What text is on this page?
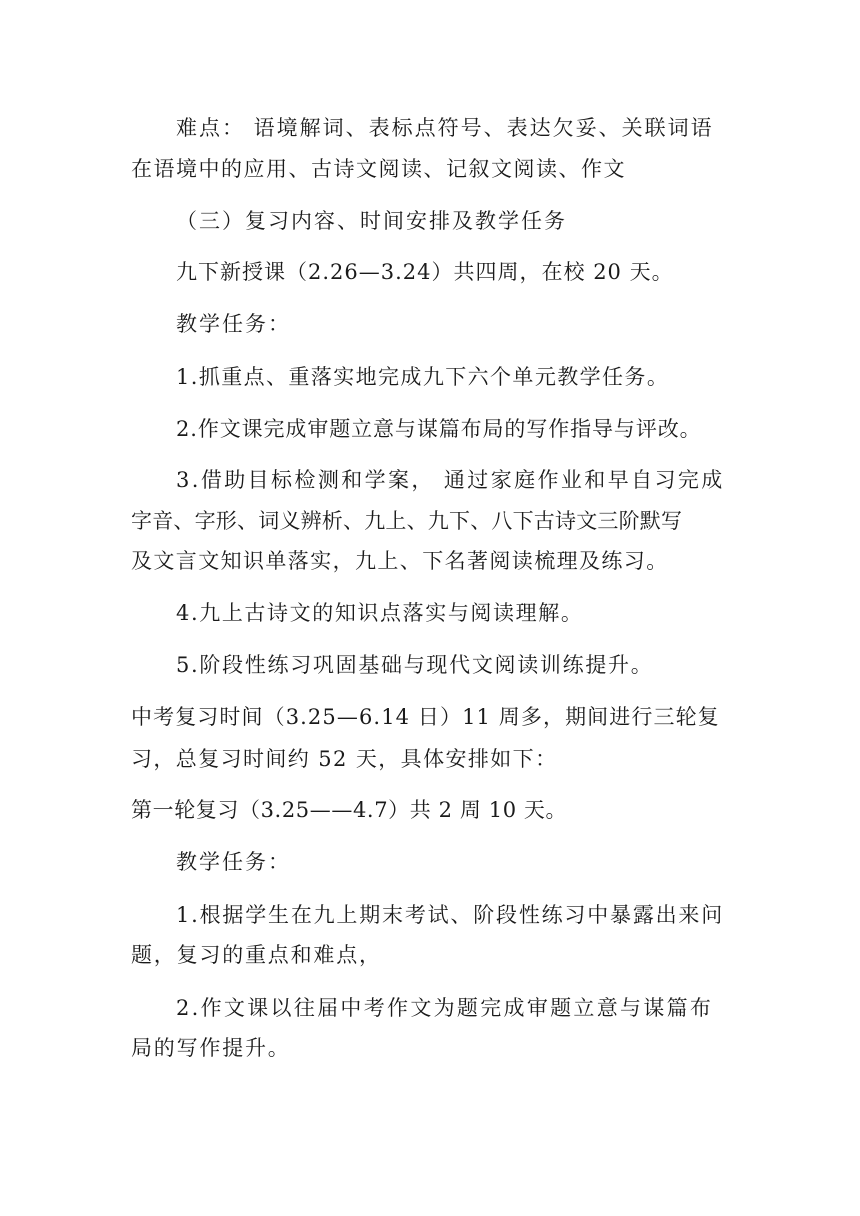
难点： 语境解词、表标点符号、表达欠妥、关联词语
在语境中的应用、古诗文阅读、记叙文阅读、作文
（三）复习内容、时间安排及教学任务
九下新授课（2.26—3.24）共四周，在校 20 天。
教学任务：
1.抓重点、重落实地完成九下六个单元教学任务。
2.作文课完成审题立意与谋篇布局的写作指导与评改。
3.借助目标检测和学案， 通过家庭作业和早自习完成
字音、字形、词义辨析、九上、九下、八下古诗文三阶默写
及文言文知识单落实，九上、下名著阅读梳理及练习。
4.九上古诗文的知识点落实与阅读理解。
5.阶段性练习巩固基础与现代文阅读训练提升。
中考复习时间（3.25—6.14 日）11 周多，期间进行三轮复
习，总复习时间约 52 天，具体安排如下：
第一轮复习（3.25——4.7）共 2 周 10 天。
教学任务：
1.根据学生在九上期末考试、阶段性练习中暴露出来问
题，复习的重点和难点，
2.作文课以往届中考作文为题完成审题立意与谋篇布
局的写作提升。
